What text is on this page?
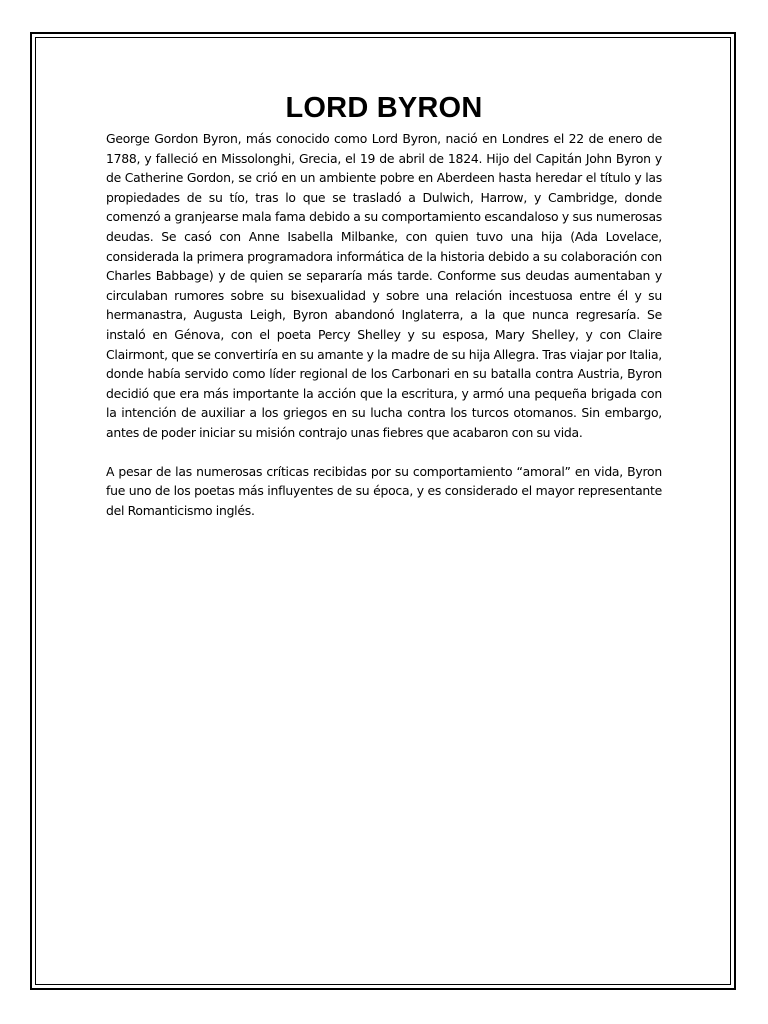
LORD BYRON

George Gordon Byron, más conocido como Lord Byron, nació en Londres el 22 de enero de 1788, y falleció en Missolonghi, Grecia, el 19 de abril de 1824. Hijo del Capitán John Byron y de Catherine Gordon, se crió en un ambiente pobre en Aberdeen hasta heredar el título y las propiedades de su tío, tras lo que se trasladó a Dulwich, Harrow, y Cambridge, donde comenzó a granjearse mala fama debido a su comportamiento escandaloso y sus numerosas deudas. Se casó con Anne Isabella Milbanke, con quien tuvo una hija (Ada Lovelace, considerada la primera programadora informática de la historia debido a su colaboración con Charles Babbage) y de quien se separaría más tarde. Conforme sus deudas aumentaban y circulaban rumores sobre su bisexualidad y sobre una relación incestuosa entre él y su hermanastra, Augusta Leigh, Byron abandonó Inglaterra, a la que nunca regresaría. Se instaló en Génova, con el poeta Percy Shelley y su esposa, Mary Shelley, y con Claire Clairmont, que se convertiría en su amante y la madre de su hija Allegra. Tras viajar por Italia, donde había servido como líder regional de los Carbonari en su batalla contra Austria, Byron decidió que era más importante la acción que la escritura, y armó una pequeña brigada con la intención de auxiliar a los griegos en su lucha contra los turcos otomanos. Sin embargo, antes de poder iniciar su misión contrajo unas fiebres que acabaron con su vida.

A pesar de las numerosas críticas recibidas por su comportamiento “amoral” en vida, Byron fue uno de los poetas más influyentes de su época, y es considerado el mayor representante del Romanticismo inglés.
